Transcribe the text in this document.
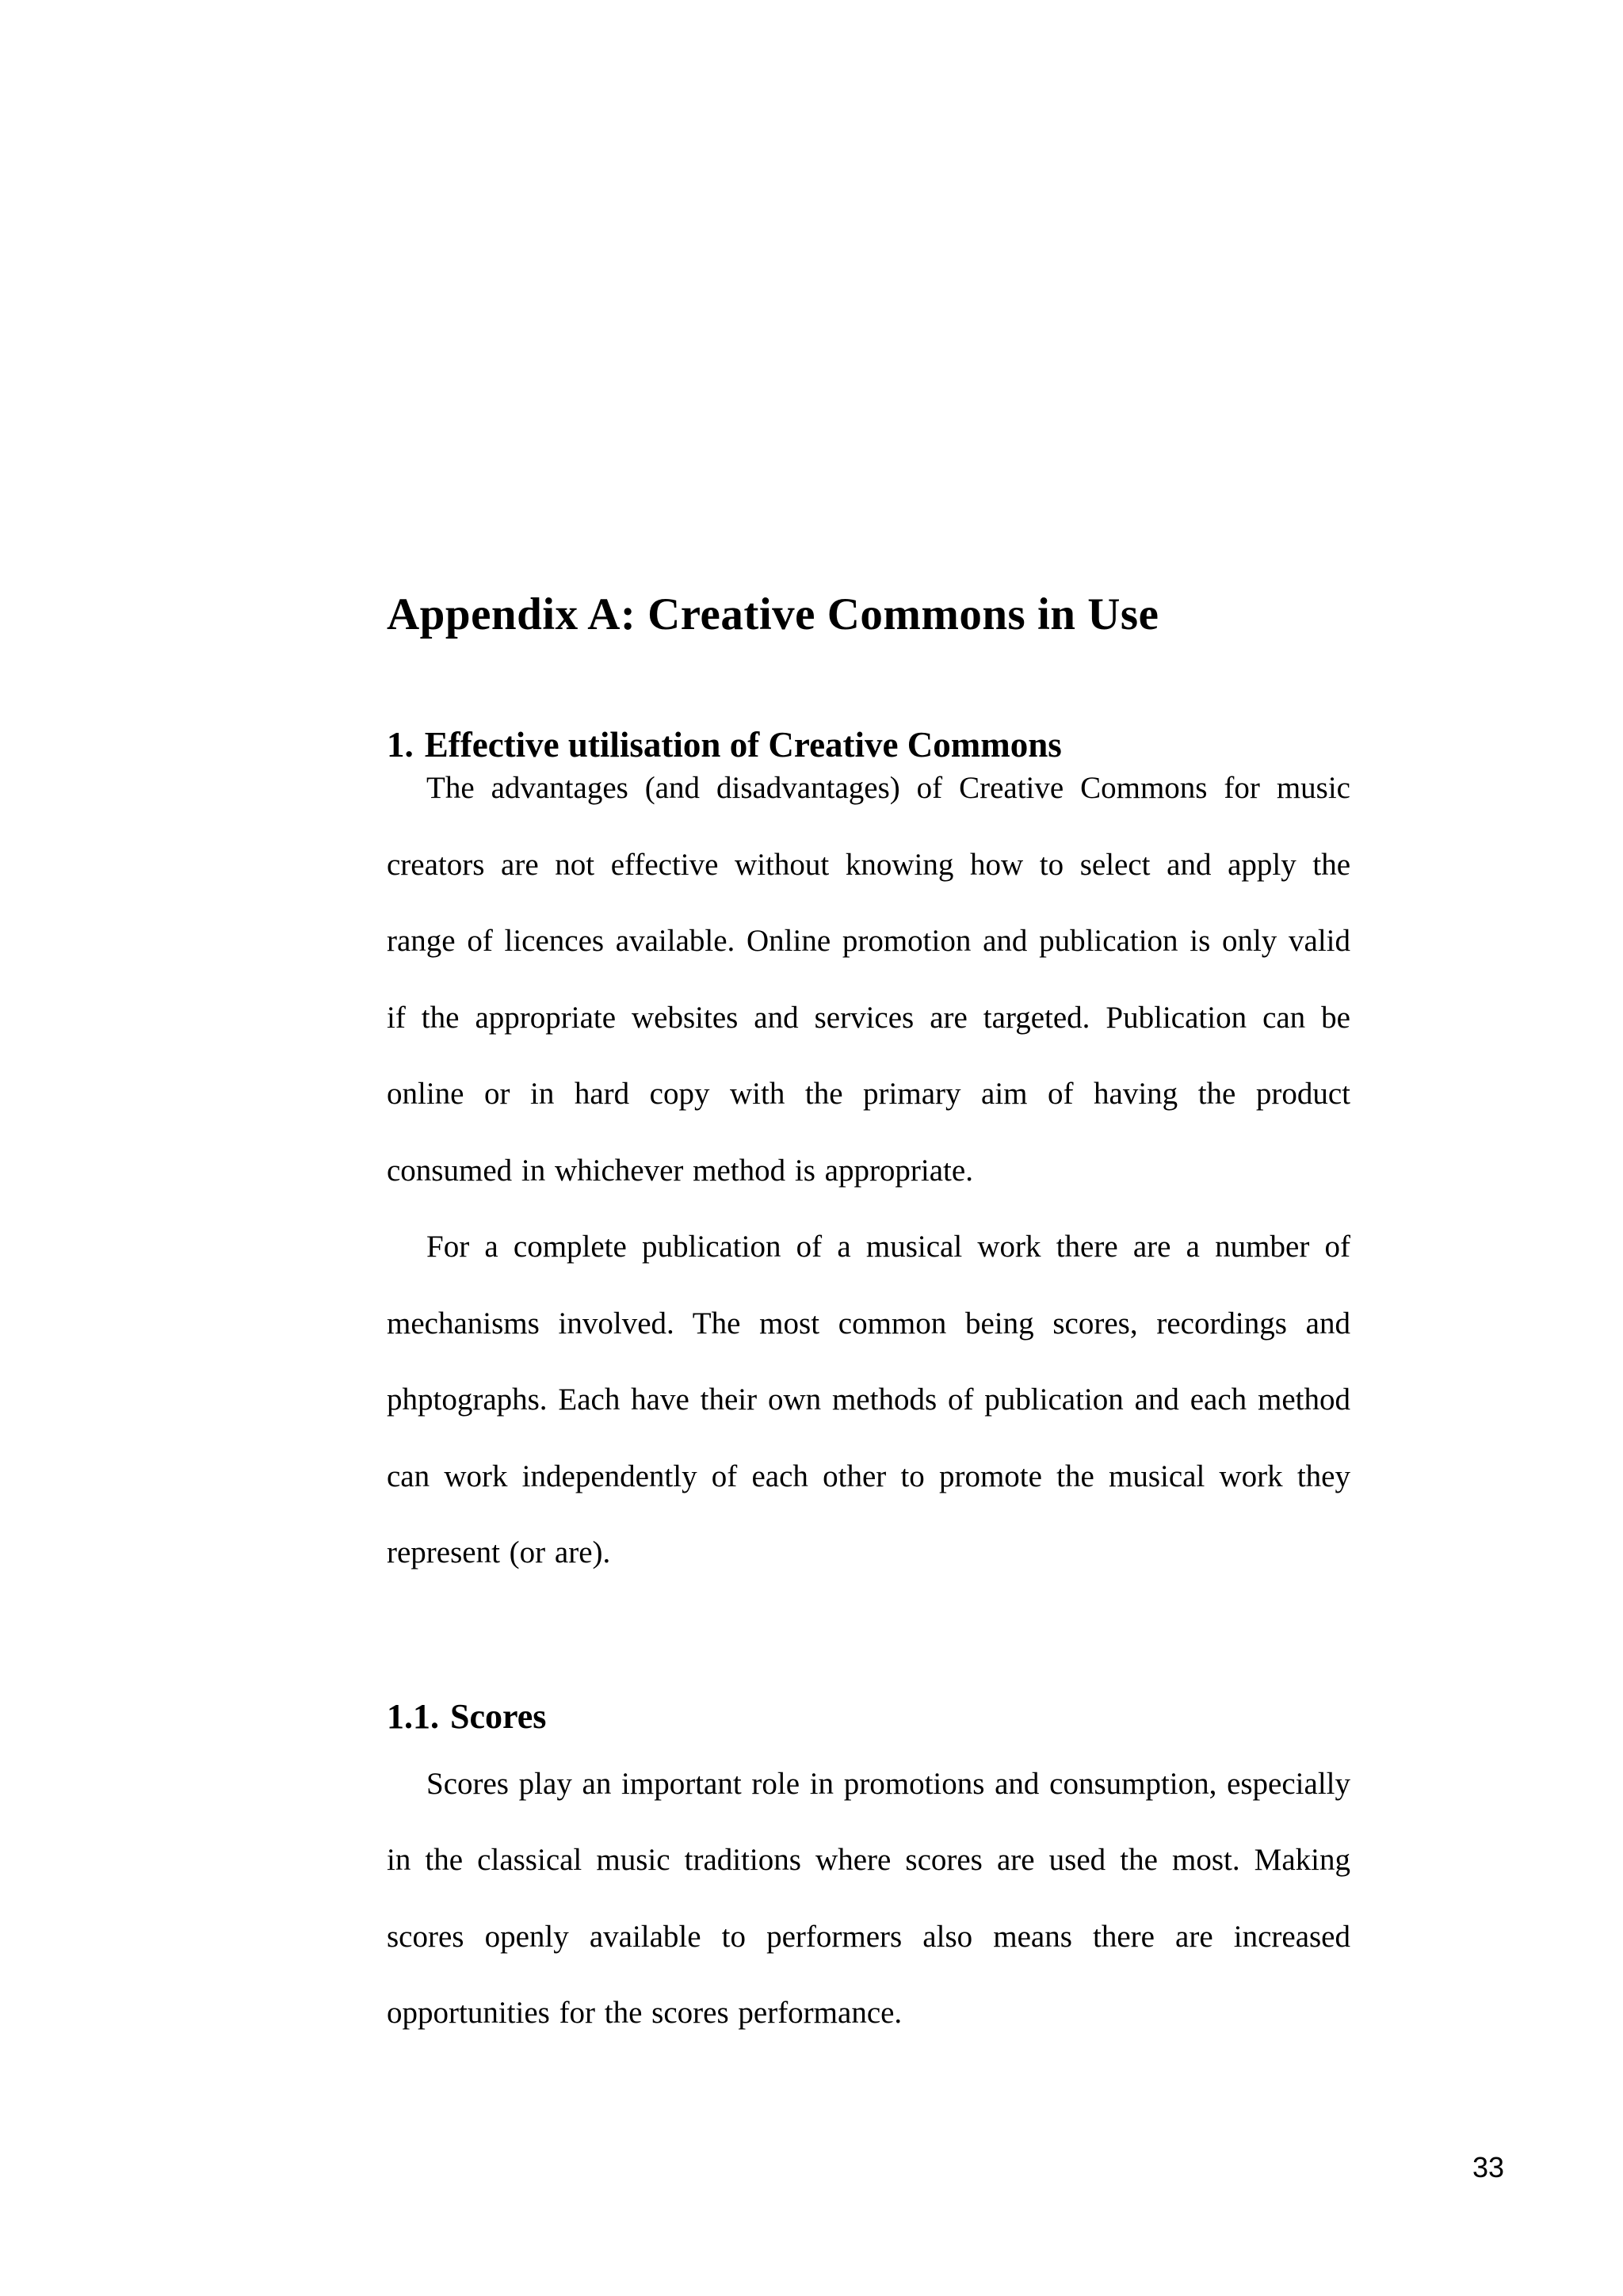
Appendix A: Creative Commons in Use
1. Effective utilisation of Creative Commons

The advantages (and disadvantages) of Creative Commons for music creators are not effective without knowing how to select and apply the range of licences available. Online promotion and publication is only valid if the appropriate websites and services are targeted. Publication can be online or in hard copy with the primary aim of having the product consumed in whichever method is appropriate.

For a complete publication of a musical work there are a number of mechanisms involved. The most common being scores, recordings and phptographs. Each have their own methods of publication and each method can work independently of each other to promote the musical work they represent (or are).

1.1. Scores

Scores play an important role in promotions and consumption, especially in the classical music traditions where scores are used the most. Making scores openly available to performers also means there are increased opportunities for the scores performance.

33
